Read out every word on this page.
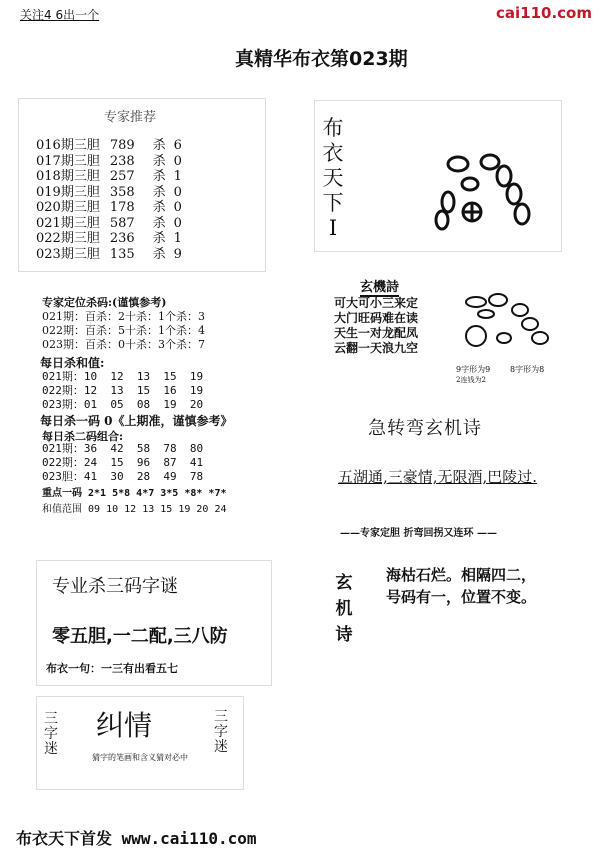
关注4 6出一个	cai110.com
真精华布衣第023期
专家推荐
016期三胆 789 杀 6
017期三胆 238 杀 0
018期三胆 257 杀 1
019期三胆 358 杀 0
020期三胆 178 杀 0
021期三胆 587 杀 0
022期三胆 236 杀 1
023期三胆 135 杀 9
专家定位杀码:(谨慎参考)
021期：百杀：2十杀：1个杀：3
022期：百杀：5十杀：1个杀：4
023期：百杀：0十杀：3个杀：7
每日杀和值:
021期：10  12  13  15  19
022期：12  13  15  16  19
023期：01  05  08  19  20
每日杀一码 0《上期准，谨慎参考》
每日杀二码组合:
021期：36  42  58  78  80
022期：24  15  96  87  41
023胆：41  30  28  49  78
重点一码 2*1 5*8 4*7 3*5 *8* *7*
和值范围 09 10 12 13 15 19 20 24
专业杀三码字谜
零五胆,一二配,三八防
布衣一句：一三有出看五七
三字迷
三字迷
纠情
猜字的笔画和含义猜对必中
布衣天下I
玄機詩
可大可小三来定
大门旺码难在读
天生一对龙配凤
云翻一天浪九空
9字形为9
2连钱为2
8字形为8
急转弯玄机诗
五湖通,三豪情,无限酒,巴陵过.
——专家定胆 折弯回拐又连环 ——
玄机诗
海枯石烂。相隔四二，
号码有一，位置不变。
布衣天下首发 www.cai110.com
